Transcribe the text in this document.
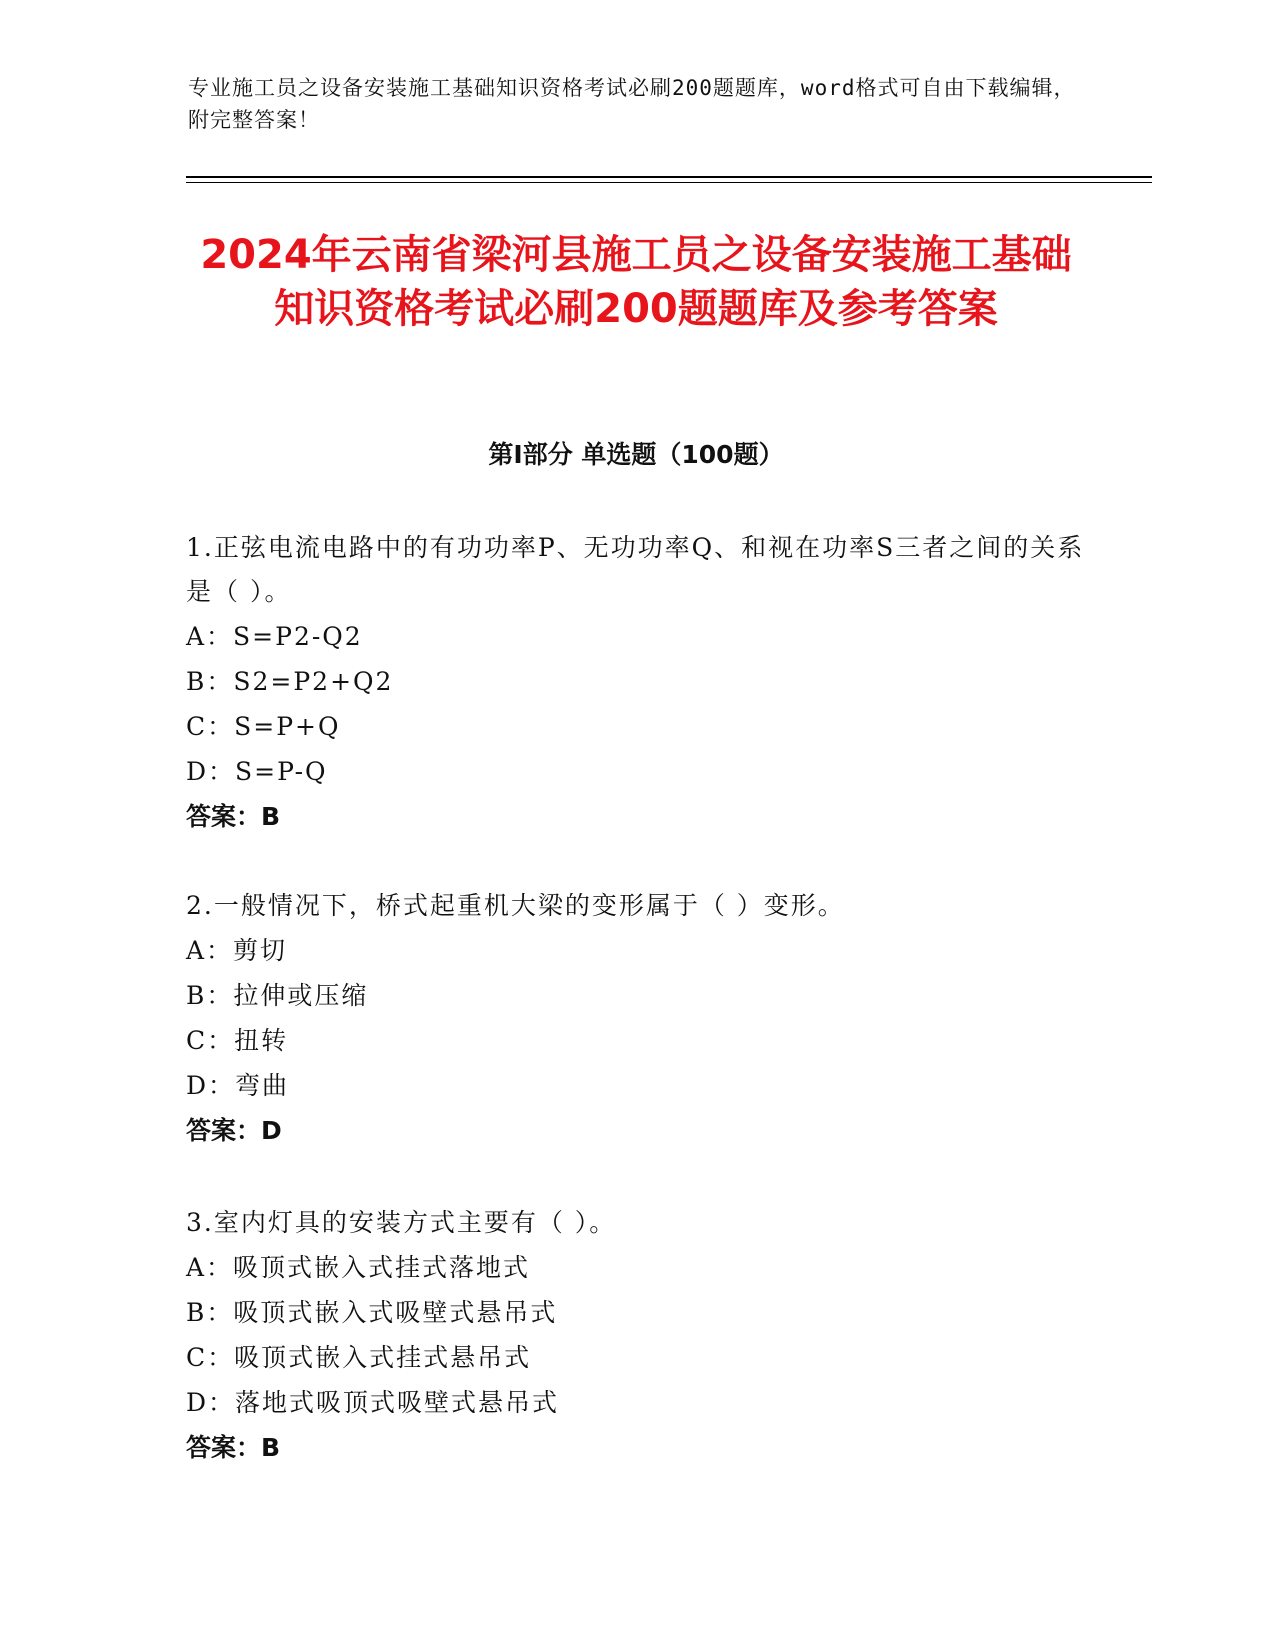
专业施工员之设备安装施工基础知识资格考试必刷200题题库，word格式可自由下载编辑，附完整答案！
2024年云南省梁河县施工员之设备安装施工基础知识资格考试必刷200题题库及参考答案
第I部分 单选题（100题）
1.正弦电流电路中的有功功率P、无功功率Q、和视在功率S三者之间的关系是（ ）。
A：S=P2-Q2
B：S2=P2+Q2
C：S=P+Q
D：S=P-Q
答案：B
2.一般情况下，桥式起重机大梁的变形属于（ ）变形。
A：剪切
B：拉伸或压缩
C：扭转
D：弯曲
答案：D
3.室内灯具的安装方式主要有（ ）。
A：吸顶式嵌入式挂式落地式
B：吸顶式嵌入式吸壁式悬吊式
C：吸顶式嵌入式挂式悬吊式
D：落地式吸顶式吸壁式悬吊式
答案：B
